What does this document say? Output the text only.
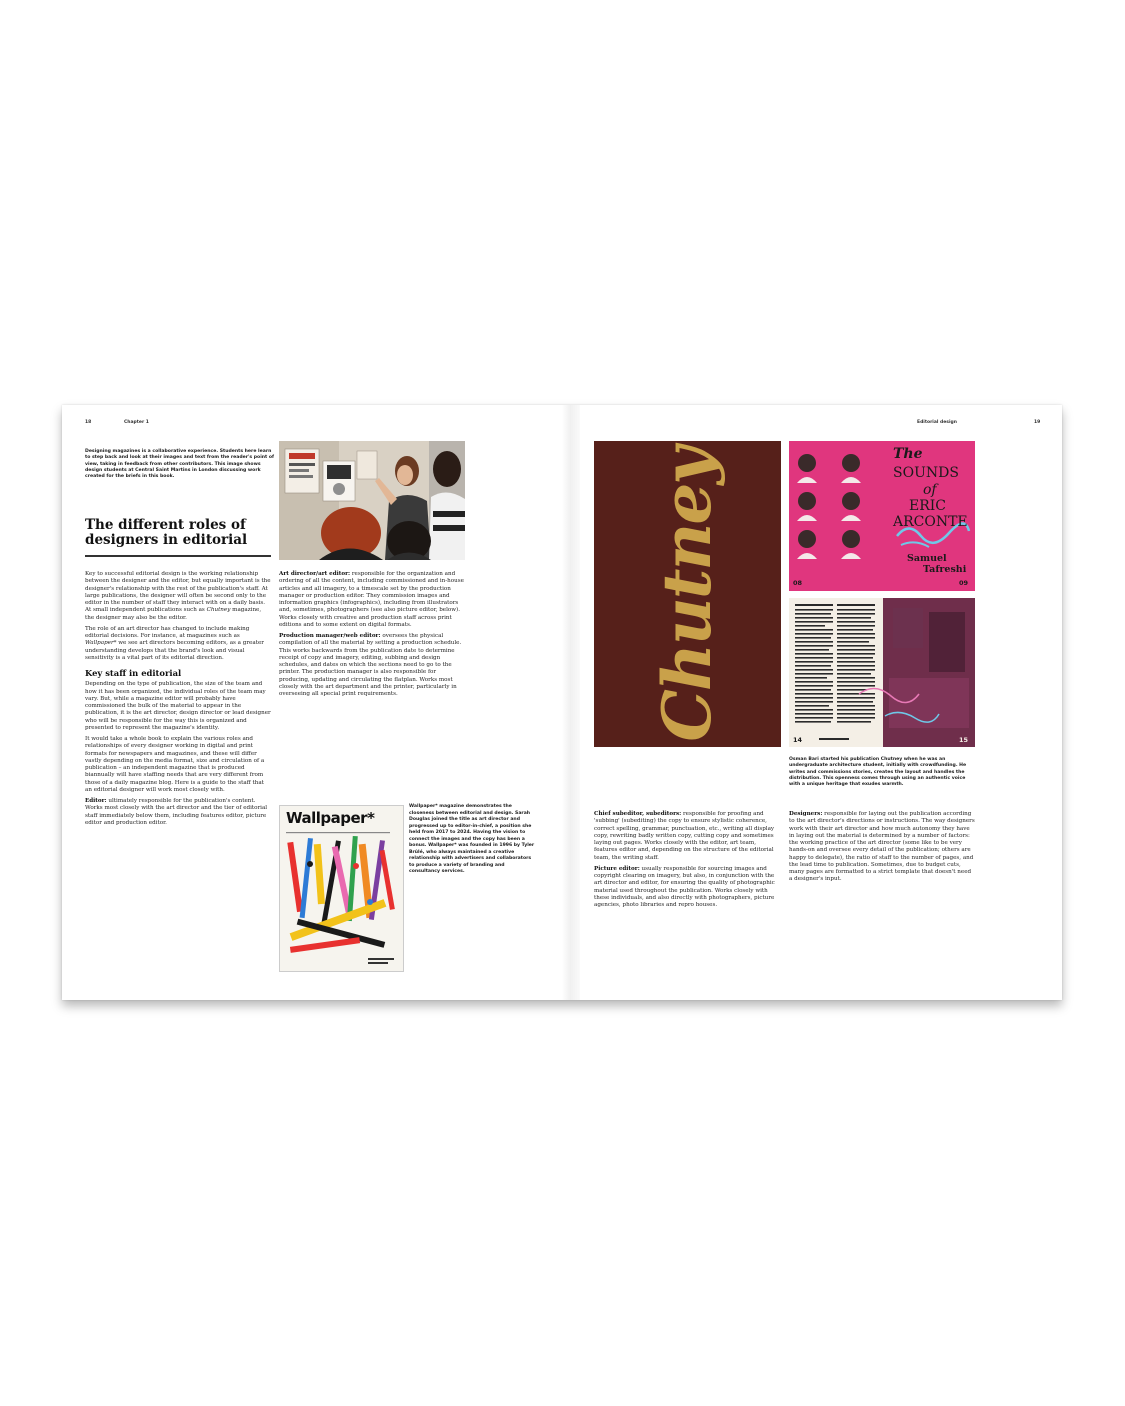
18	Chapter 1
Designing magazines is a collaborative experience. Students here learn to step back and look at their images and text from the reader's point of view, taking in feedback from other contributors. This image shows design students at Central Saint Martins in London discussing work created for the briefs in this book.
The different roles of designers in editorial

Key to successful editorial design is the working relationship between the designer and the editor, but equally important is the designer's relationship with the rest of the publication's staff. At large publications, the designer will often be second only to the editor in the number of staff they interact with on a daily basis. At small independent publications such as Chutney magazine, the designer may also be the editor.

The role of an art director has changed to include making editorial decisions. For instance, at magazines such as Wallpaper* we see art directors becoming editors, as a greater understanding develops that the brand's look and visual sensitivity is a vital part of its editorial direction.

Key staff in editorial

Depending on the type of publication, the size of the team and how it has been organized, the individual roles of the team may vary. But, while a magazine editor will probably have commissioned the bulk of the material to appear in the publication, it is the art director, design director or lead designer who will be responsible for the way this is organized and presented to represent the magazine's identity.

It would take a whole book to explain the various roles and relationships of every designer working in digital and print formats for newspapers and magazines, and these will differ vastly depending on the media format, size and circulation of a publication – an independent magazine that is produced biannually will have staffing needs that are very different from those of a daily magazine blog. Here is a guide to the staff that an editorial designer will work most closely with.

Editor: ultimately responsible for the publication's content. Works most closely with the art director and the tier of editorial staff immediately below them, including features editor, picture editor and production editor.

Art director/art editor: responsible for the organization and ordering of all the content, including commissioned and in-house articles and all imagery, to a timescale set by the production manager or production editor. They commission images and information graphics (infographics), including from illustrators and, sometimes, photographers (see also picture editor, below). Works closely with creative and production staff across print editions and to some extent on digital formats.

Production manager/web editor: oversees the physical compilation of all the material by setting a production schedule. This works backwards from the publication date to determine receipt of copy and imagery, editing, subbing and design schedules, and dates on which the sections need to go to the printer. The production manager is also responsible for producing, updating and circulating the flatplan. Works most closely with the art department and the printer, particularly in overseeing all special print requirements.

Wallpaper*
Wallpaper* magazine demonstrates the closeness between editorial and design. Sarah Douglas joined the title as art director and progressed up to editor-in-chief, a position she held from 2017 to 2024. Having the vision to connect the images and the copy has been a bonus. Wallpaper* was founded in 1996 by Tyler Brûlé, who always maintained a creative relationship with advertisers and collaborators to produce a variety of branding and consultancy services.
Editorial design	19
Chutney	The
SOUNDS
of
ERIC
ARCONTE
Samuel
Tafreshi
08	09
14	15
Osman Bari started his publication Chutney when he was an undergraduate architecture student, initially with crowdfunding. He writes and commissions stories, creates the layout and handles the distribution. This openness comes through using an authentic voice with a unique heritage that exudes warmth.

Chief subeditor, subeditors: responsible for proofing and 'subbing' (subediting) the copy to ensure stylistic coherence, correct spelling, grammar, punctuation, etc., writing all display copy, rewriting badly written copy, cutting copy and sometimes laying out pages. Works closely with the editor, art team, features editor and, depending on the structure of the editorial team, the writing staff.

Picture editor: usually responsible for sourcing images and copyright clearing on imagery, but also, in conjunction with the art director and editor, for ensuring the quality of photographic material used throughout the publication. Works closely with these individuals, and also directly with photographers, picture agencies, photo libraries and repro houses.

Designers: responsible for laying out the publication according to the art director's directions or instructions. The way designers work with their art director and how much autonomy they have in laying out the material is determined by a number of factors: the working practice of the art director (some like to be very hands-on and oversee every detail of the publication; others are happy to delegate), the ratio of staff to the number of pages, and the lead time to publication. Sometimes, due to budget cuts, many pages are formatted to a strict template that doesn't need a designer's input.
